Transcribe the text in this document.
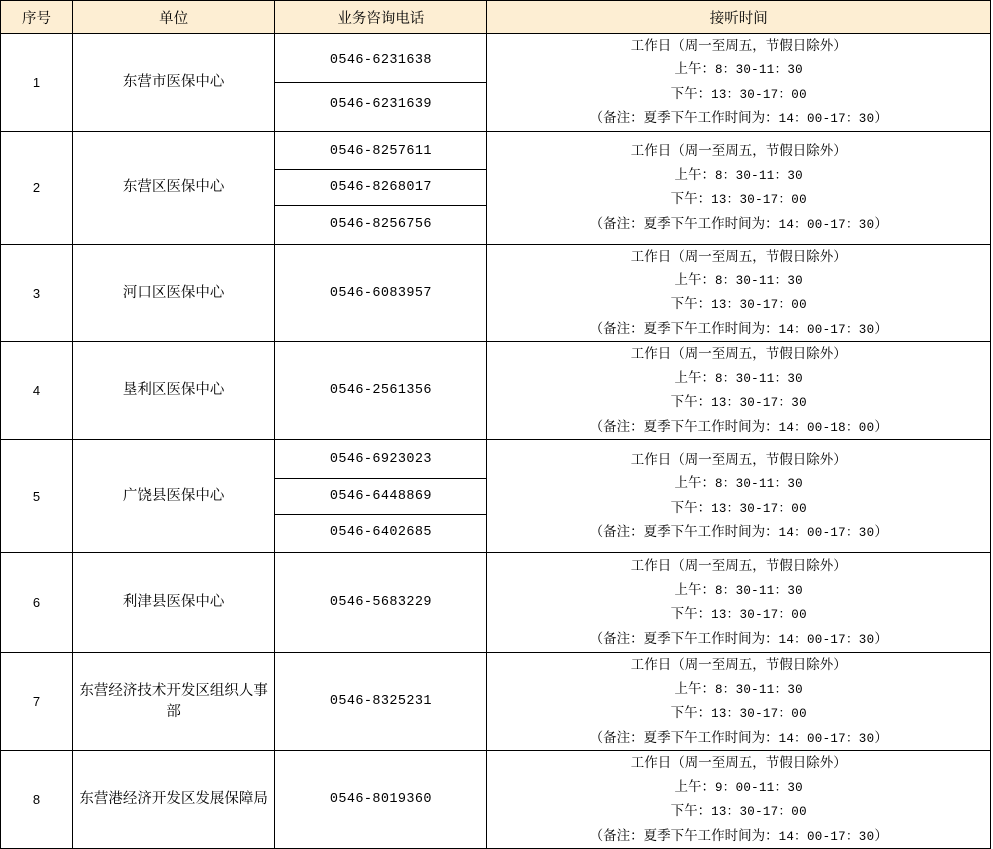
序号	单位	业务咨询电话	接听时间
1	东营市医保中心	0546-6231638
0546-6231639	工作日（周一至周五，节假日除外）
上午：8：30-11：30
下午：13：30-17：00
（备注：夏季下午工作时间为：14：00-17：30）

2	东营区医保中心	0546-8257611
0546-8268017
0546-8256756	工作日（周一至周五，节假日除外）
上午：8：30-11：30
下午：13：30-17：00
（备注：夏季下午工作时间为：14：00-17：30）

3	河口区医保中心	0546-6083957	工作日（周一至周五，节假日除外）
上午：8：30-11：30
下午：13：30-17：00
（备注：夏季下午工作时间为：14：00-17：30）

4	垦利区医保中心	0546-2561356	工作日（周一至周五，节假日除外）
上午：8：30-11：30
下午：13：30-17：30
（备注：夏季下午工作时间为：14：00-18：00）

5	广饶县医保中心	0546-6923023
0546-6448869
0546-6402685	工作日（周一至周五，节假日除外）
上午：8：30-11：30
下午：13：30-17：00
（备注：夏季下午工作时间为：14：00-17：30）

6	利津县医保中心	0546-5683229	工作日（周一至周五，节假日除外）
上午：8：30-11：30
下午：13：30-17：00
（备注：夏季下午工作时间为：14：00-17：30）

7	东营经济技术开发区组织人事部	0546-8325231	工作日（周一至周五，节假日除外）
上午：8：30-11：30
下午：13：30-17：00
（备注：夏季下午工作时间为：14：00-17：30）

8	东营港经济开发区发展保障局	0546-8019360	工作日（周一至周五，节假日除外）
上午：9：00-11：30
下午：13：30-17：00
（备注：夏季下午工作时间为：14：00-17：30）
